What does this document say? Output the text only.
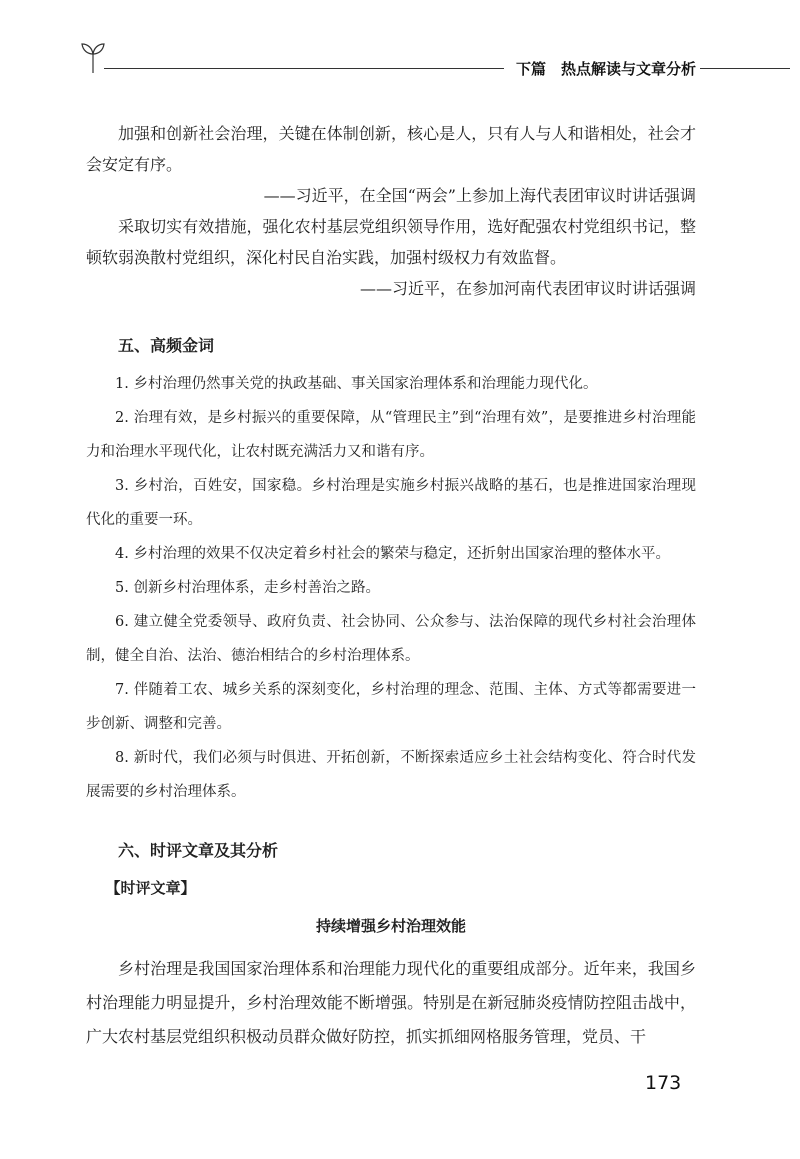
下篇　热点解读与文章分析

加强和创新社会治理，关键在体制创新，核心是人，只有人与人和谐相处，社会才会安定有序。

——习近平，在全国“两会”上参加上海代表团审议时讲话强调

采取切实有效措施，强化农村基层党组织领导作用，选好配强农村党组织书记，整顿软弱涣散村党组织，深化村民自治实践，加强村级权力有效监督。

——习近平，在参加河南代表团审议时讲话强调

五、高频金词

1. 乡村治理仍然事关党的执政基础、事关国家治理体系和治理能力现代化。

2. 治理有效，是乡村振兴的重要保障，从“管理民主”到“治理有效”，是要推进乡村治理能力和治理水平现代化，让农村既充满活力又和谐有序。

3. 乡村治，百姓安，国家稳。乡村治理是实施乡村振兴战略的基石，也是推进国家治理现代化的重要一环。

4. 乡村治理的效果不仅决定着乡村社会的繁荣与稳定，还折射出国家治理的整体水平。

5. 创新乡村治理体系，走乡村善治之路。

6. 建立健全党委领导、政府负责、社会协同、公众参与、法治保障的现代乡村社会治理体制，健全自治、法治、德治相结合的乡村治理体系。

7. 伴随着工农、城乡关系的深刻变化，乡村治理的理念、范围、主体、方式等都需要进一步创新、调整和完善。

8. 新时代，我们必须与时俱进、开拓创新，不断探索适应乡土社会结构变化、符合时代发展需要的乡村治理体系。

六、时评文章及其分析
【时评文章】
持续增强乡村治理效能

乡村治理是我国国家治理体系和治理能力现代化的重要组成部分。近年来，我国乡村治理能力明显提升，乡村治理效能不断增强。特别是在新冠肺炎疫情防控阻击战中，广大农村基层党组织积极动员群众做好防控，抓实抓细网格服务管理，党员、干

173
